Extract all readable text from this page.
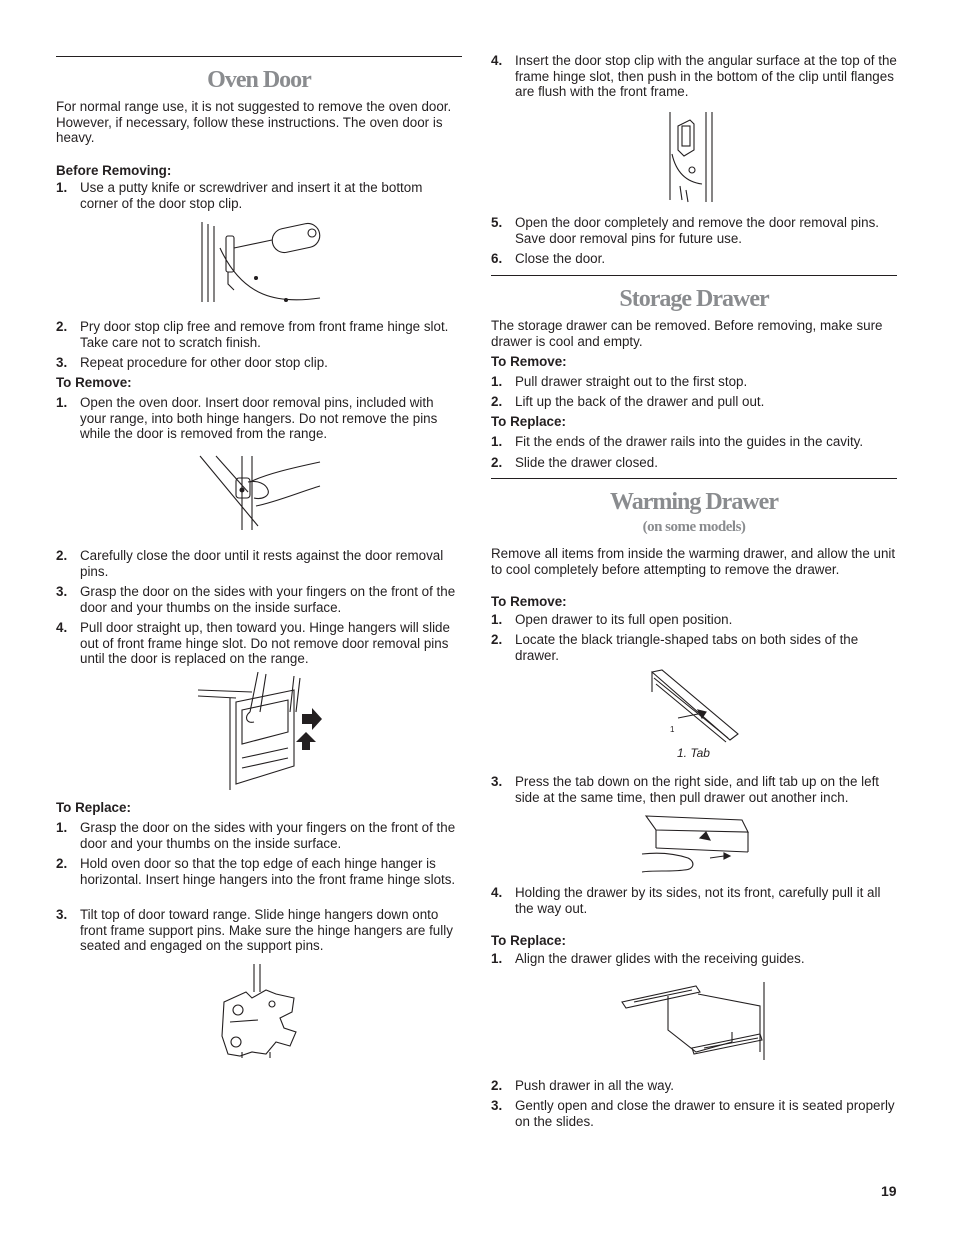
Oven Door
For normal range use, it is not suggested to remove the oven door. However, if necessary, follow these instructions. The oven door is heavy.
Before Removing:
1. Use a putty knife or screwdriver and insert it at the bottom corner of the door stop clip.
2. Pry door stop clip free and remove from front frame hinge slot. Take care not to scratch finish.
3. Repeat procedure for other door stop clip.
To Remove:
1. Open the oven door. Insert door removal pins, included with your range, into both hinge hangers. Do not remove the pins while the door is removed from the range.
2. Carefully close the door until it rests against the door removal pins.
3. Grasp the door on the sides with your fingers on the front of the door and your thumbs on the inside surface.
4. Pull door straight up, then toward you. Hinge hangers will slide out of front frame hinge slot. Do not remove door removal pins until the door is replaced on the range.
To Replace:
1. Grasp the door on the sides with your fingers on the front of the door and your thumbs on the inside surface.
2. Hold oven door so that the top edge of each hinge hanger is horizontal. Insert hinge hangers into the front frame hinge slots.
3. Tilt top of door toward range. Slide hinge hangers down onto front frame support pins. Make sure the hinge hangers are fully seated and engaged on the support pins.
4. Insert the door stop clip with the angular surface at the top of the frame hinge slot, then push in the bottom of the clip until flanges are flush with the front frame.
5. Open the door completely and remove the door removal pins. Save door removal pins for future use.
6. Close the door.
Storage Drawer
The storage drawer can be removed. Before removing, make sure drawer is cool and empty.
To Remove:
1. Pull drawer straight out to the first stop.
2. Lift up the back of the drawer and pull out.
To Replace:
1. Fit the ends of the drawer rails into the guides in the cavity.
2. Slide the drawer closed.
Warming Drawer
(on some models)
Remove all items from inside the warming drawer, and allow the unit to cool completely before attempting to remove the drawer.
To Remove:
1. Open drawer to its full open position.
2. Locate the black triangle-shaped tabs on both sides of the drawer.
1
1. Tab
3. Press the tab down on the right side, and lift tab up on the left side at the same time, then pull drawer out another inch.
4. Holding the drawer by its sides, not its front, carefully pull it all the way out.
To Replace:
1. Align the drawer glides with the receiving guides.
2. Push drawer in all the way.
3. Gently open and close the drawer to ensure it is seated properly on the slides.
19
